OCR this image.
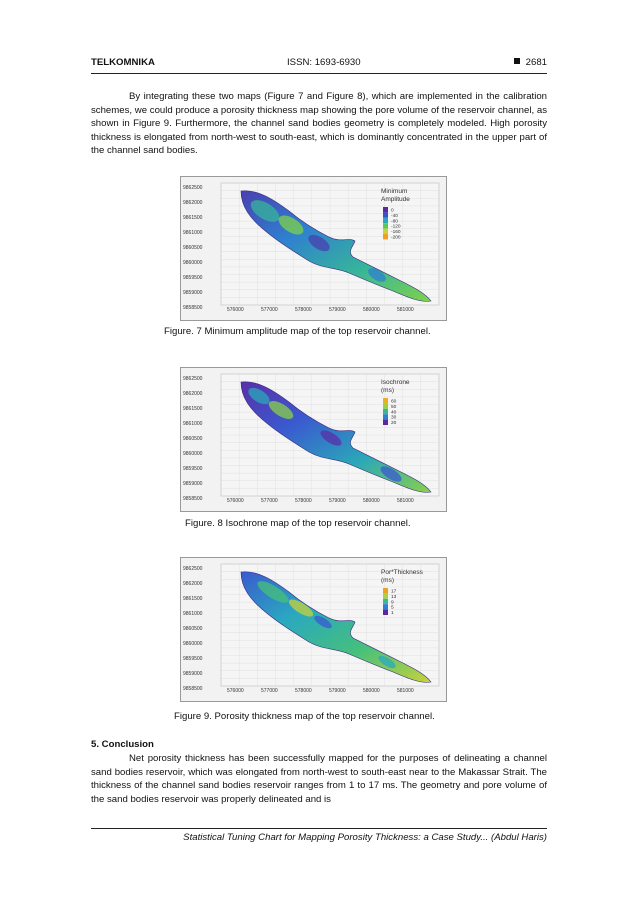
TELKOMNIKA	ISSN: 1693-6930	2681

By integrating these two maps (Figure 7 and Figure 8), which are implemented in the calibration schemes, we could produce a porosity thickness map showing the pore volume of the reservoir channel, as shown in Figure 9. Furthermore, the channel sand bodies geometry is completely modeled. High porosity thickness is elongated from north-west to south-east, which is dominantly concentrated in the upper part of the channel sand bodies.

9862500
9862000
9861500
9861000
9860500
9860000
9859500
9859000
9858500	576000	577000	578000	579000	580000	581000
Minimum
Amplitude
0
-40
-80
-120
-160
-200
Figure. 7 Minimum amplitude map of the top reservoir channel.
9862500
9862000
9861500
9861000
9860500
9860000
9859500
9859000
9858500	576000	577000	578000	579000	580000	581000
Isochrone
(ms)
60
50
40
30
20
Figure. 8 Isochrone map of the top reservoir channel.
9862500
9862000
9861500
9861000
9860500
9860000
9859500
9859000
9858500	576000	577000	578000	579000	580000	581000
Por*Thickness
(ms)
17
13
9
5
1
Figure 9. Porosity thickness map of the top reservoir channel.
5. Conclusion

Net porosity thickness has been successfully mapped for the purposes of delineating a channel sand bodies reservoir, which was elongated from north-west to south-east near to the Makassar Strait. The thickness of the channel sand bodies reservoir ranges from 1 to 17 ms. The geometry and pore volume of the sand bodies reservoir was properly delineated and is

Statistical Tuning Chart for Mapping Porosity Thickness: a Case Study... (Abdul Haris)
